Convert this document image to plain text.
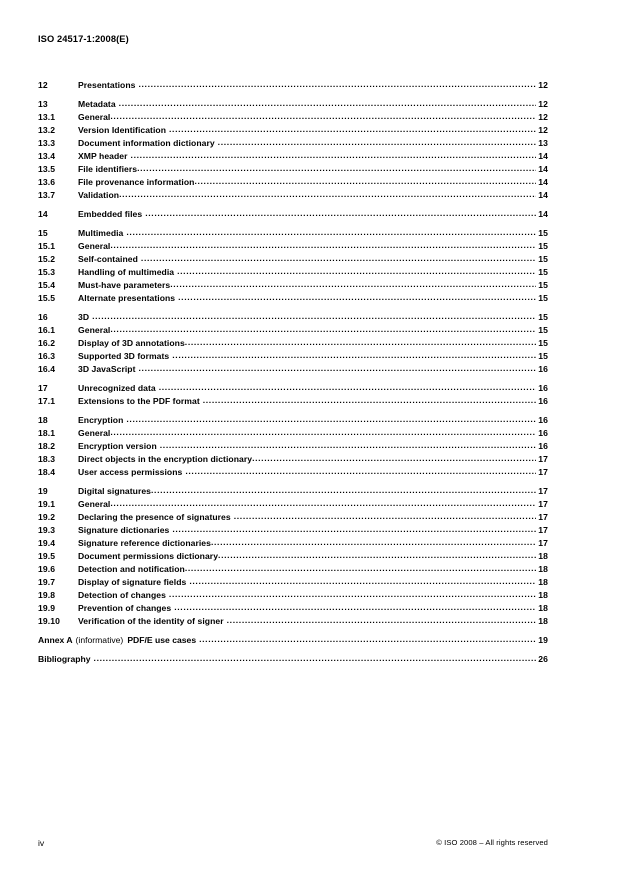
ISO 24517-1:2008(E)
12	Presentations .....	12
13	Metadata .....	12
13.1	General .....	12
13.2	Version Identification .....	12
13.3	Document information dictionary .....	13
13.4	XMP header .....	14
13.5	File identifiers .....	14
13.6	File provenance information .....	14
13.7	Validation .....	14
14	Embedded files .....	14
15	Multimedia .....	15
15.1	General .....	15
15.2	Self-contained .....	15
15.3	Handling of multimedia .....	15
15.4	Must-have parameters .....	15
15.5	Alternate presentations .....	15
16	3D .....	15
16.1	General .....	15
16.2	Display of 3D annotations .....	15
16.3	Supported 3D formats .....	15
16.4	3D JavaScript .....	16
17	Unrecognized data .....	16
17.1	Extensions to the PDF format .....	16
18	Encryption .....	16
18.1	General .....	16
18.2	Encryption version .....	16
18.3	Direct objects in the encryption dictionary .....	17
18.4	User access permissions .....	17
19	Digital signatures .....	17
19.1	General .....	17
19.2	Declaring the presence of signatures .....	17
19.3	Signature dictionaries .....	17
19.4	Signature reference dictionaries .....	17
19.5	Document permissions dictionary .....	18
19.6	Detection and notification .....	18
19.7	Display of signature fields .....	18
19.8	Detection of changes .....	18
19.9	Prevention of changes .....	18
19.10	Verification of the identity of signer .....	18
Annex A (informative) PDF/E use cases .....	19
Bibliography .....	26
iv	© ISO 2008 – All rights reserved
